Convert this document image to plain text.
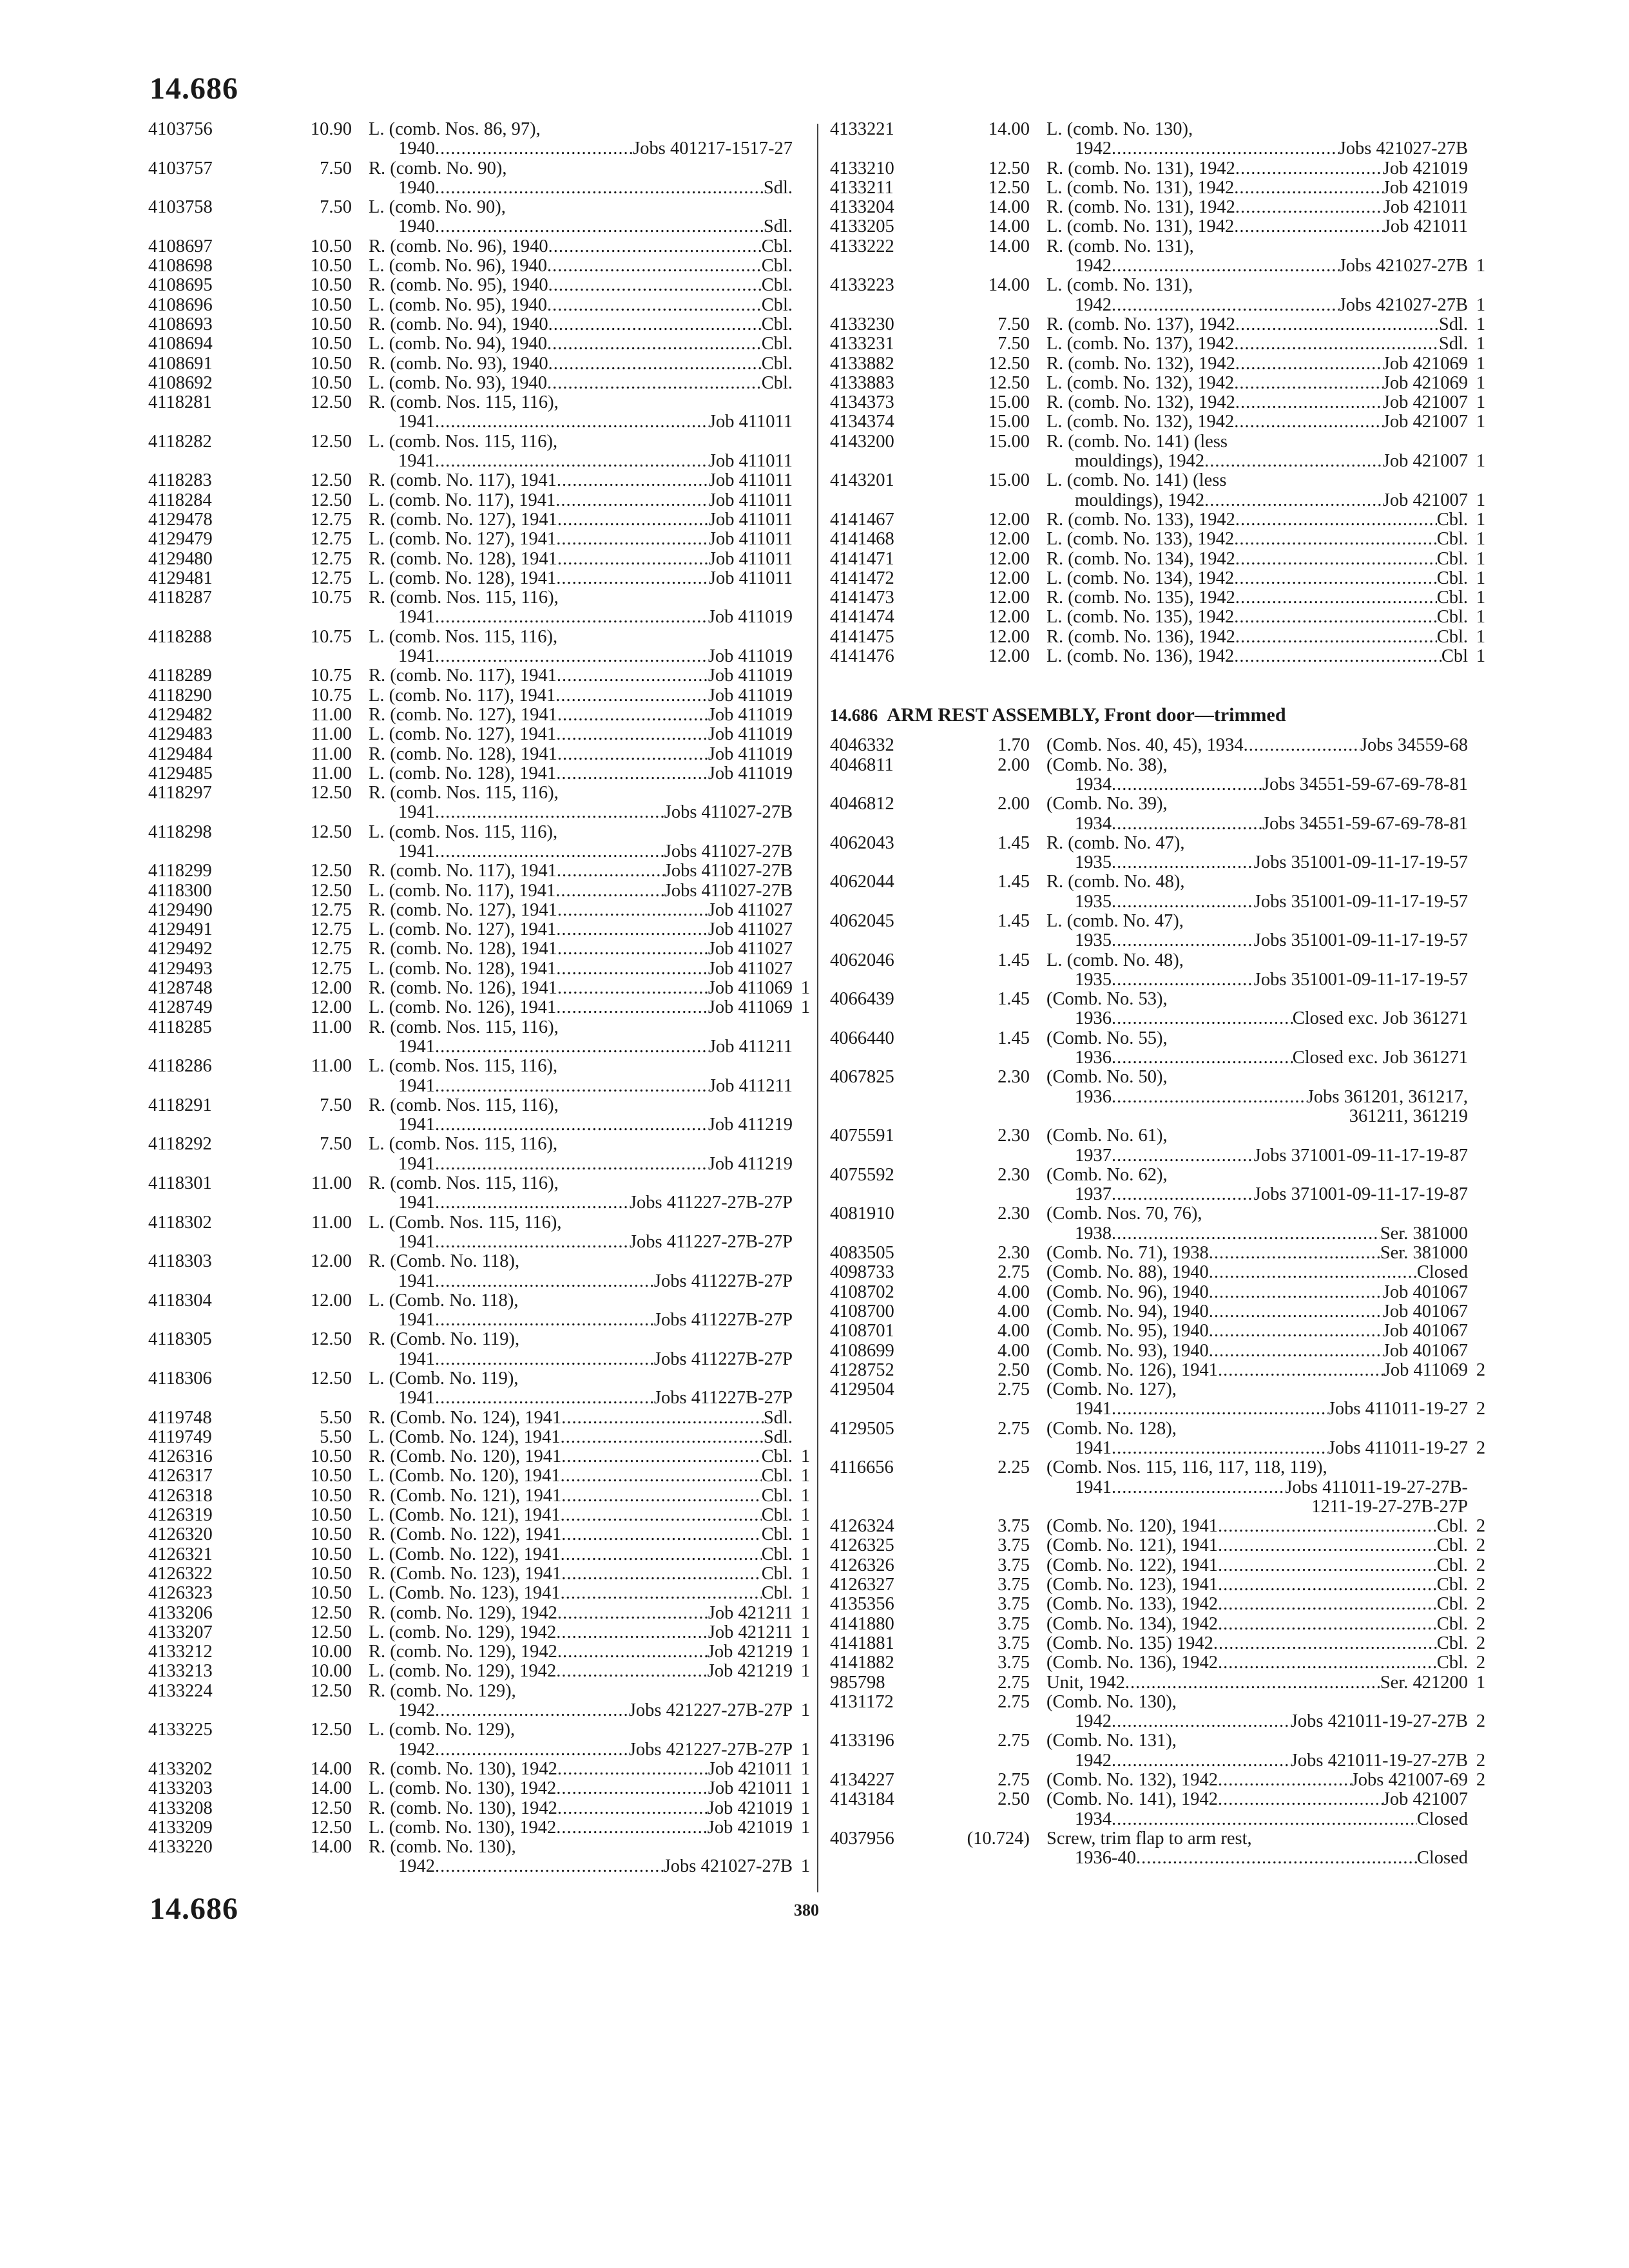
14.686
4103756	10.90 L. (comb. Nos. 86, 97),
1940 .....	Jobs 401217-1517-27
4103757	7.50 R. (comb. No. 90),
1940 .....	Sdl.
4103758	7.50 L. (comb. No. 90),
1940 .....	Sdl.
4108697	10.50 R. (comb. No. 96), 1940 .....	Cbl.
4108698	10.50 L. (comb. No. 96), 1940 .....	Cbl.
4108695	10.50 R. (comb. No. 95), 1940 .....	Cbl.
4108696	10.50 L. (comb. No. 95), 1940 .....	Cbl.
4108693	10.50 R. (comb. No. 94), 1940 .....	Cbl.
4108694	10.50 L. (comb. No. 94), 1940 .....	Cbl.
4108691	10.50 R. (comb. No. 93), 1940 .....	Cbl.
4108692	10.50 L. (comb. No. 93), 1940 .....	Cbl.
4118281	12.50 R. (comb. Nos. 115, 116),
1941 .....	Job 411011
4118282	12.50 L. (comb. Nos. 115, 116),
1941 .....	Job 411011
4118283	12.50 R. (comb. No. 117), 1941 .....	Job 411011
4118284	12.50 L. (comb. No. 117), 1941 .....	Job 411011
4129478	12.75 R. (comb. No. 127), 1941 .....	Job 411011
4129479	12.75 L. (comb. No. 127), 1941 .....	Job 411011
4129480	12.75 R. (comb. No. 128), 1941 .....	Job 411011
4129481	12.75 L. (comb. No. 128), 1941 .....	Job 411011
4118287	10.75 R. (comb. Nos. 115, 116),
1941 .....	Job 411019
4118288	10.75 L. (comb. Nos. 115, 116),
1941 .....	Job 411019
4118289	10.75 R. (comb. No. 117), 1941 .....	Job 411019
4118290	10.75 L. (comb. No. 117), 1941 .....	Job 411019
4129482	11.00 R. (comb. No. 127), 1941 .....	Job 411019
4129483	11.00 L. (comb. No. 127), 1941 .....	Job 411019
4129484	11.00 R. (comb. No. 128), 1941 .....	Job 411019
4129485	11.00 L. (comb. No. 128), 1941 .....	Job 411019
4118297	12.50 R. (comb. Nos. 115, 116),
1941 .....	Jobs 411027-27B
4118298	12.50 L. (comb. Nos. 115, 116),
1941 .....	Jobs 411027-27B
4118299	12.50 R. (comb. No. 117), 1941 .....	Jobs 411027-27B
4118300	12.50 L. (comb. No. 117), 1941 .....	Jobs 411027-27B
4129490	12.75 R. (comb. No. 127), 1941 .....	Job 411027
4129491	12.75 L. (comb. No. 127), 1941 .....	Job 411027
4129492	12.75 R. (comb. No. 128), 1941 .....	Job 411027
4129493	12.75 L. (comb. No. 128), 1941 .....	Job 411027
4128748	12.00 R. (comb. No. 126), 1941 .....	Job 411069 1
4128749	12.00 L. (comb. No. 126), 1941 .....	Job 411069 1
4118285	11.00 R. (comb. Nos. 115, 116),
1941 .....	Job 411211
4118286	11.00 L. (comb. Nos. 115, 116),
1941 .....	Job 411211
4118291	7.50 R. (comb. Nos. 115, 116),
1941 .....	Job 411219
4118292	7.50 L. (comb. Nos. 115, 116),
1941 .....	Job 411219
4118301	11.00 R. (comb. Nos. 115, 116),
1941 .....	Jobs 411227-27B-27P
4118302	11.00 L. (Comb. Nos. 115, 116),
1941 .....	Jobs 411227-27B-27P
4118303	12.00 R. (Comb. No. 118),
1941 .....	Jobs 411227B-27P
4118304	12.00 L. (Comb. No. 118),
1941 .....	Jobs 411227B-27P
4118305	12.50 R. (Comb. No. 119),
1941 .....	Jobs 411227B-27P
4118306	12.50 L. (Comb. No. 119),
1941 .....	Jobs 411227B-27P
4119748	5.50 R. (Comb. No. 124), 1941 .....	Sdl.
4119749	5.50 L. (Comb. No. 124), 1941 .....	Sdl.
4126316	10.50 R. (Comb. No. 120), 1941 .....	Cbl. 1
4126317	10.50 L. (Comb. No. 120), 1941 .....	Cbl. 1
4126318	10.50 R. (Comb. No. 121), 1941 .....	Cbl. 1
4126319	10.50 L. (Comb. No. 121), 1941 .....	Cbl. 1
4126320	10.50 R. (Comb. No. 122), 1941 .....	Cbl. 1
4126321	10.50 L. (Comb. No. 122), 1941 .....	Cbl. 1
4126322	10.50 R. (Comb. No. 123), 1941 .....	Cbl. 1
4126323	10.50 L. (Comb. No. 123), 1941 .....	Cbl. 1
4133206	12.50 R. (comb. No. 129), 1942 .....	Job 421211 1
4133207	12.50 L. (comb. No. 129), 1942 .....	Job 421211 1
4133212	10.00 R. (comb. No. 129), 1942 .....	Job 421219 1
4133213	10.00 L. (comb. No. 129), 1942 .....	Job 421219 1
4133224	12.50 R. (comb. No. 129),
1942 .....	Jobs 421227-27B-27P 1
4133225	12.50 L. (comb. No. 129),
1942 .....	Jobs 421227-27B-27P 1
4133202	14.00 R. (comb. No. 130), 1942 .....	Job 421011 1
4133203	14.00 L. (comb. No. 130), 1942 .....	Job 421011 1
4133208	12.50 R. (comb. No. 130), 1942 .....	Job 421019 1
4133209	12.50 L. (comb. No. 130), 1942 .....	Job 421019 1
4133220	14.00 R. (comb. No. 130),
1942 .....	Jobs 421027-27B 1
4133221	14.00 L. (comb. No. 130),
1942 .....	Jobs 421027-27B
4133210	12.50 R. (comb. No. 131), 1942 .....	Job 421019
4133211	12.50 L. (comb. No. 131), 1942 .....	Job 421019
4133204	14.00 R. (comb. No. 131), 1942 .....	Job 421011
4133205	14.00 L. (comb. No. 131), 1942 .....	Job 421011
4133222	14.00 R. (comb. No. 131),
1942 .....	Jobs 421027-27B 1
4133223	14.00 L. (comb. No. 131),
1942 .....	Jobs 421027-27B 1
4133230	7.50 R. (comb. No. 137), 1942 .....	Sdl. 1
4133231	7.50 L. (comb. No. 137), 1942 .....	Sdl. 1
4133882	12.50 R. (comb. No. 132), 1942 .....	Job 421069 1
4133883	12.50 L. (comb. No. 132), 1942 .....	Job 421069 1
4134373	15.00 R. (comb. No. 132), 1942 .....	Job 421007 1
4134374	15.00 L. (comb. No. 132), 1942 .....	Job 421007 1
4143200	15.00 R. (comb. No. 141) (less
mouldings), 1942 .....	Job 421007 1
4143201	15.00 L. (comb. No. 141) (less
mouldings), 1942 .....	Job 421007 1
4141467	12.00 R. (comb. No. 133), 1942 .....	Cbl. 1
4141468	12.00 L. (comb. No. 133), 1942 .....	Cbl. 1
4141471	12.00 R. (comb. No. 134), 1942 .....	Cbl. 1
4141472	12.00 L. (comb. No. 134), 1942 .....	Cbl. 1
4141473	12.00 R. (comb. No. 135), 1942 .....	Cbl. 1
4141474	12.00 L. (comb. No. 135), 1942 .....	Cbl. 1
4141475	12.00 R. (comb. No. 136), 1942 .....	Cbl. 1
4141476	12.00 L. (comb. No. 136), 1942 .....	Cbl 1
14.686 ARM REST ASSEMBLY, Front door—trimmed
4046332	1.70 (Comb. Nos. 40, 45), 1934 .....	Jobs 34559-68
4046811	2.00 (Comb. No. 38),
1934 .....	Jobs 34551-59-67-69-78-81
4046812	2.00 (Comb. No. 39),
1934 .....	Jobs 34551-59-67-69-78-81
4062043	1.45 R. (comb. No. 47),
1935 .....	Jobs 351001-09-11-17-19-57
4062044	1.45 R. (comb. No. 48),
1935 .....	Jobs 351001-09-11-17-19-57
4062045	1.45 L. (comb. No. 47),
1935 .....	Jobs 351001-09-11-17-19-57
4062046	1.45 L. (comb. No. 48),
1935 .....	Jobs 351001-09-11-17-19-57
4066439	1.45 (Comb. No. 53),
1936 .....	Closed exc. Job 361271
4066440	1.45 (Comb. No. 55),
1936 .....	Closed exc. Job 361271
4067825	2.30 (Comb. No. 50),
1936 .....	Jobs 361201, 361217,
361211, 361219
4075591	2.30 (Comb. No. 61),
1937 .....	Jobs 371001-09-11-17-19-87
4075592	2.30 (Comb. No. 62),
1937 .....	Jobs 371001-09-11-17-19-87
4081910	2.30 (Comb. Nos. 70, 76),
1938 .....	Ser. 381000
4083505	2.30 (Comb. No. 71), 1938 .....	Ser. 381000
4098733	2.75 (Comb. No. 88), 1940 .....	Closed
4108702	4.00 (Comb. No. 96), 1940 .....	Job 401067
4108700	4.00 (Comb. No. 94), 1940 .....	Job 401067
4108701	4.00 (Comb. No. 95), 1940 .....	Job 401067
4108699	4.00 (Comb. No. 93), 1940 .....	Job 401067
4128752	2.50 (Comb. No. 126), 1941 .....	Job 411069 2
4129504	2.75 (Comb. No. 127),
1941 .....	Jobs 411011-19-27 2
4129505	2.75 (Comb. No. 128),
1941 .....	Jobs 411011-19-27 2
4116656	2.25 (Comb. Nos. 115, 116, 117, 118, 119),
1941 .....	Jobs 411011-19-27-27B-
1211-19-27-27B-27P
4126324	3.75 (Comb. No. 120), 1941 .....	Cbl. 2
4126325	3.75 (Comb. No. 121), 1941 .....	Cbl. 2
4126326	3.75 (Comb. No. 122), 1941 .....	Cbl. 2
4126327	3.75 (Comb. No. 123), 1941 .....	Cbl. 2
4135356	3.75 (Comb. No. 133), 1942 .....	Cbl. 2
4141880	3.75 (Comb. No. 134), 1942 .....	Cbl. 2
4141881	3.75 (Comb. No. 135) 1942 .....	Cbl. 2
4141882	3.75 (Comb. No. 136), 1942 .....	Cbl. 2
985798	2.75 Unit, 1942 .....	Ser. 421200 1
4131172	2.75 (Comb. No. 130),
1942 .....	Jobs 421011-19-27-27B 2
4133196	2.75 (Comb. No. 131),
1942 .....	Jobs 421011-19-27-27B 2
4134227	2.75 (Comb. No. 132), 1942 .....	Jobs 421007-69 2
4143184	2.50 (Comb. No. 141), 1942 .....	Job 421007
1934 .....	Closed
4037956	(10.724) Screw, trim flap to arm rest,
1936-40 .....	Closed
14.686	380
